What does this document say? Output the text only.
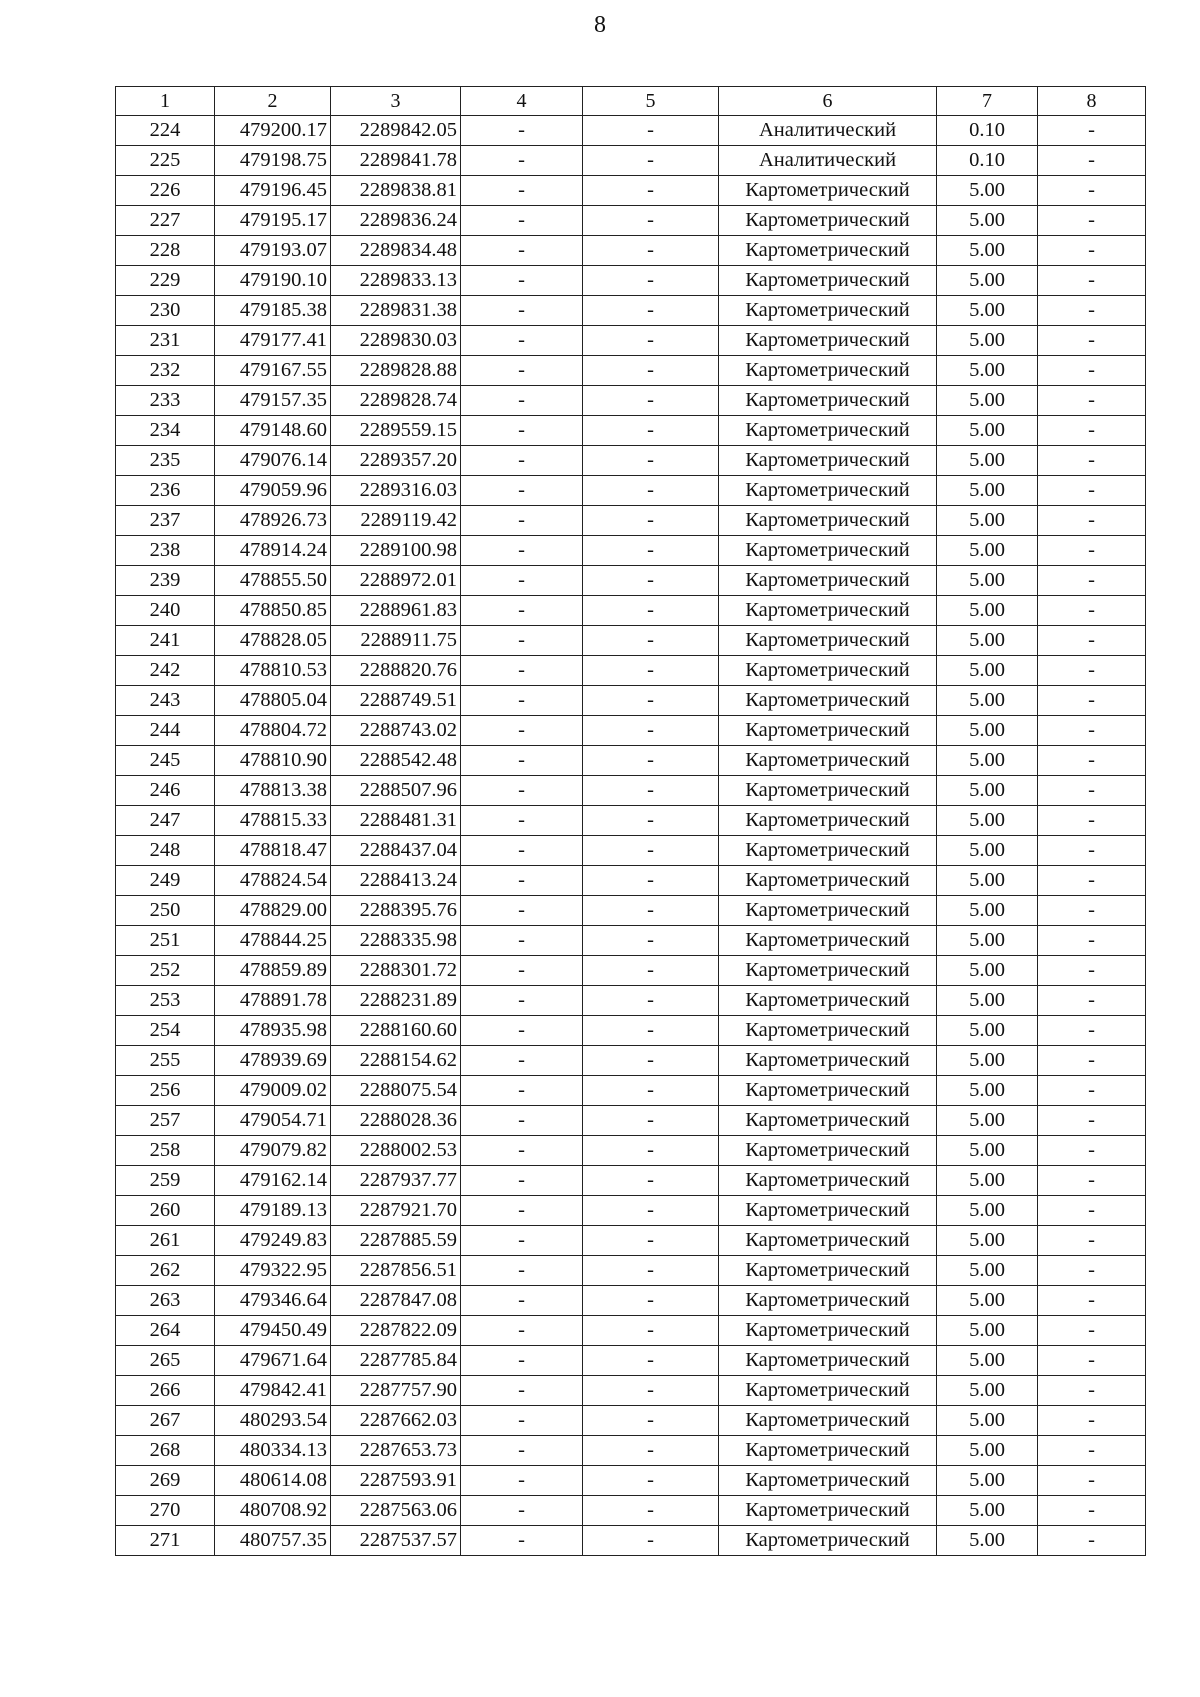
8
1	2	3	4	5	6	7	8
224	479200.17	2289842.05	-	-	Аналитический	0.10	-
225	479198.75	2289841.78	-	-	Аналитический	0.10	-
226	479196.45	2289838.81	-	-	Картометрический	5.00	-
227	479195.17	2289836.24	-	-	Картометрический	5.00	-
228	479193.07	2289834.48	-	-	Картометрический	5.00	-
229	479190.10	2289833.13	-	-	Картометрический	5.00	-
230	479185.38	2289831.38	-	-	Картометрический	5.00	-
231	479177.41	2289830.03	-	-	Картометрический	5.00	-
232	479167.55	2289828.88	-	-	Картометрический	5.00	-
233	479157.35	2289828.74	-	-	Картометрический	5.00	-
234	479148.60	2289559.15	-	-	Картометрический	5.00	-
235	479076.14	2289357.20	-	-	Картометрический	5.00	-
236	479059.96	2289316.03	-	-	Картометрический	5.00	-
237	478926.73	2289119.42	-	-	Картометрический	5.00	-
238	478914.24	2289100.98	-	-	Картометрический	5.00	-
239	478855.50	2288972.01	-	-	Картометрический	5.00	-
240	478850.85	2288961.83	-	-	Картометрический	5.00	-
241	478828.05	2288911.75	-	-	Картометрический	5.00	-
242	478810.53	2288820.76	-	-	Картометрический	5.00	-
243	478805.04	2288749.51	-	-	Картометрический	5.00	-
244	478804.72	2288743.02	-	-	Картометрический	5.00	-
245	478810.90	2288542.48	-	-	Картометрический	5.00	-
246	478813.38	2288507.96	-	-	Картометрический	5.00	-
247	478815.33	2288481.31	-	-	Картометрический	5.00	-
248	478818.47	2288437.04	-	-	Картометрический	5.00	-
249	478824.54	2288413.24	-	-	Картометрический	5.00	-
250	478829.00	2288395.76	-	-	Картометрический	5.00	-
251	478844.25	2288335.98	-	-	Картометрический	5.00	-
252	478859.89	2288301.72	-	-	Картометрический	5.00	-
253	478891.78	2288231.89	-	-	Картометрический	5.00	-
254	478935.98	2288160.60	-	-	Картометрический	5.00	-
255	478939.69	2288154.62	-	-	Картометрический	5.00	-
256	479009.02	2288075.54	-	-	Картометрический	5.00	-
257	479054.71	2288028.36	-	-	Картометрический	5.00	-
258	479079.82	2288002.53	-	-	Картометрический	5.00	-
259	479162.14	2287937.77	-	-	Картометрический	5.00	-
260	479189.13	2287921.70	-	-	Картометрический	5.00	-
261	479249.83	2287885.59	-	-	Картометрический	5.00	-
262	479322.95	2287856.51	-	-	Картометрический	5.00	-
263	479346.64	2287847.08	-	-	Картометрический	5.00	-
264	479450.49	2287822.09	-	-	Картометрический	5.00	-
265	479671.64	2287785.84	-	-	Картометрический	5.00	-
266	479842.41	2287757.90	-	-	Картометрический	5.00	-
267	480293.54	2287662.03	-	-	Картометрический	5.00	-
268	480334.13	2287653.73	-	-	Картометрический	5.00	-
269	480614.08	2287593.91	-	-	Картометрический	5.00	-
270	480708.92	2287563.06	-	-	Картометрический	5.00	-
271	480757.35	2287537.57	-	-	Картометрический	5.00	-
